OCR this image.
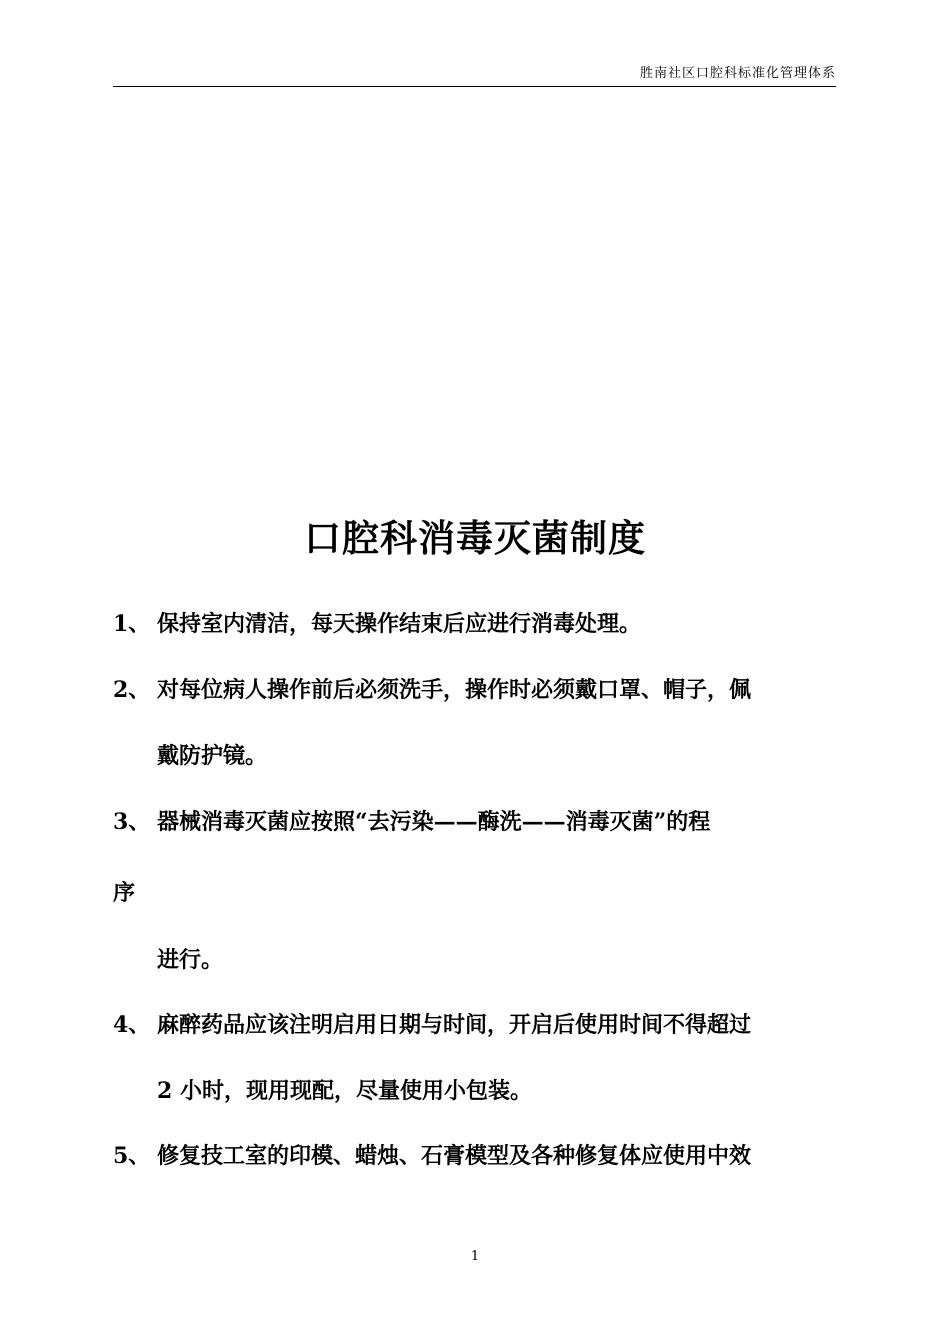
胜南社区口腔科标准化管理体系
口腔科消毒灭菌制度
1、 保持室内清洁，每天操作结束后应进行消毒处理。
2、 对每位病人操作前后必须洗手，操作时必须戴口罩、帽子，佩
戴防护镜。
3、 器械消毒灭菌应按照“去污染——酶洗——消毒灭菌”的程
序
进行。
4、 麻醉药品应该注明启用日期与时间，开启后使用时间不得超过
2 小时，现用现配，尽量使用小包装。
5、 修复技工室的印模、蜡烛、石膏模型及各种修复体应使用中效
1
